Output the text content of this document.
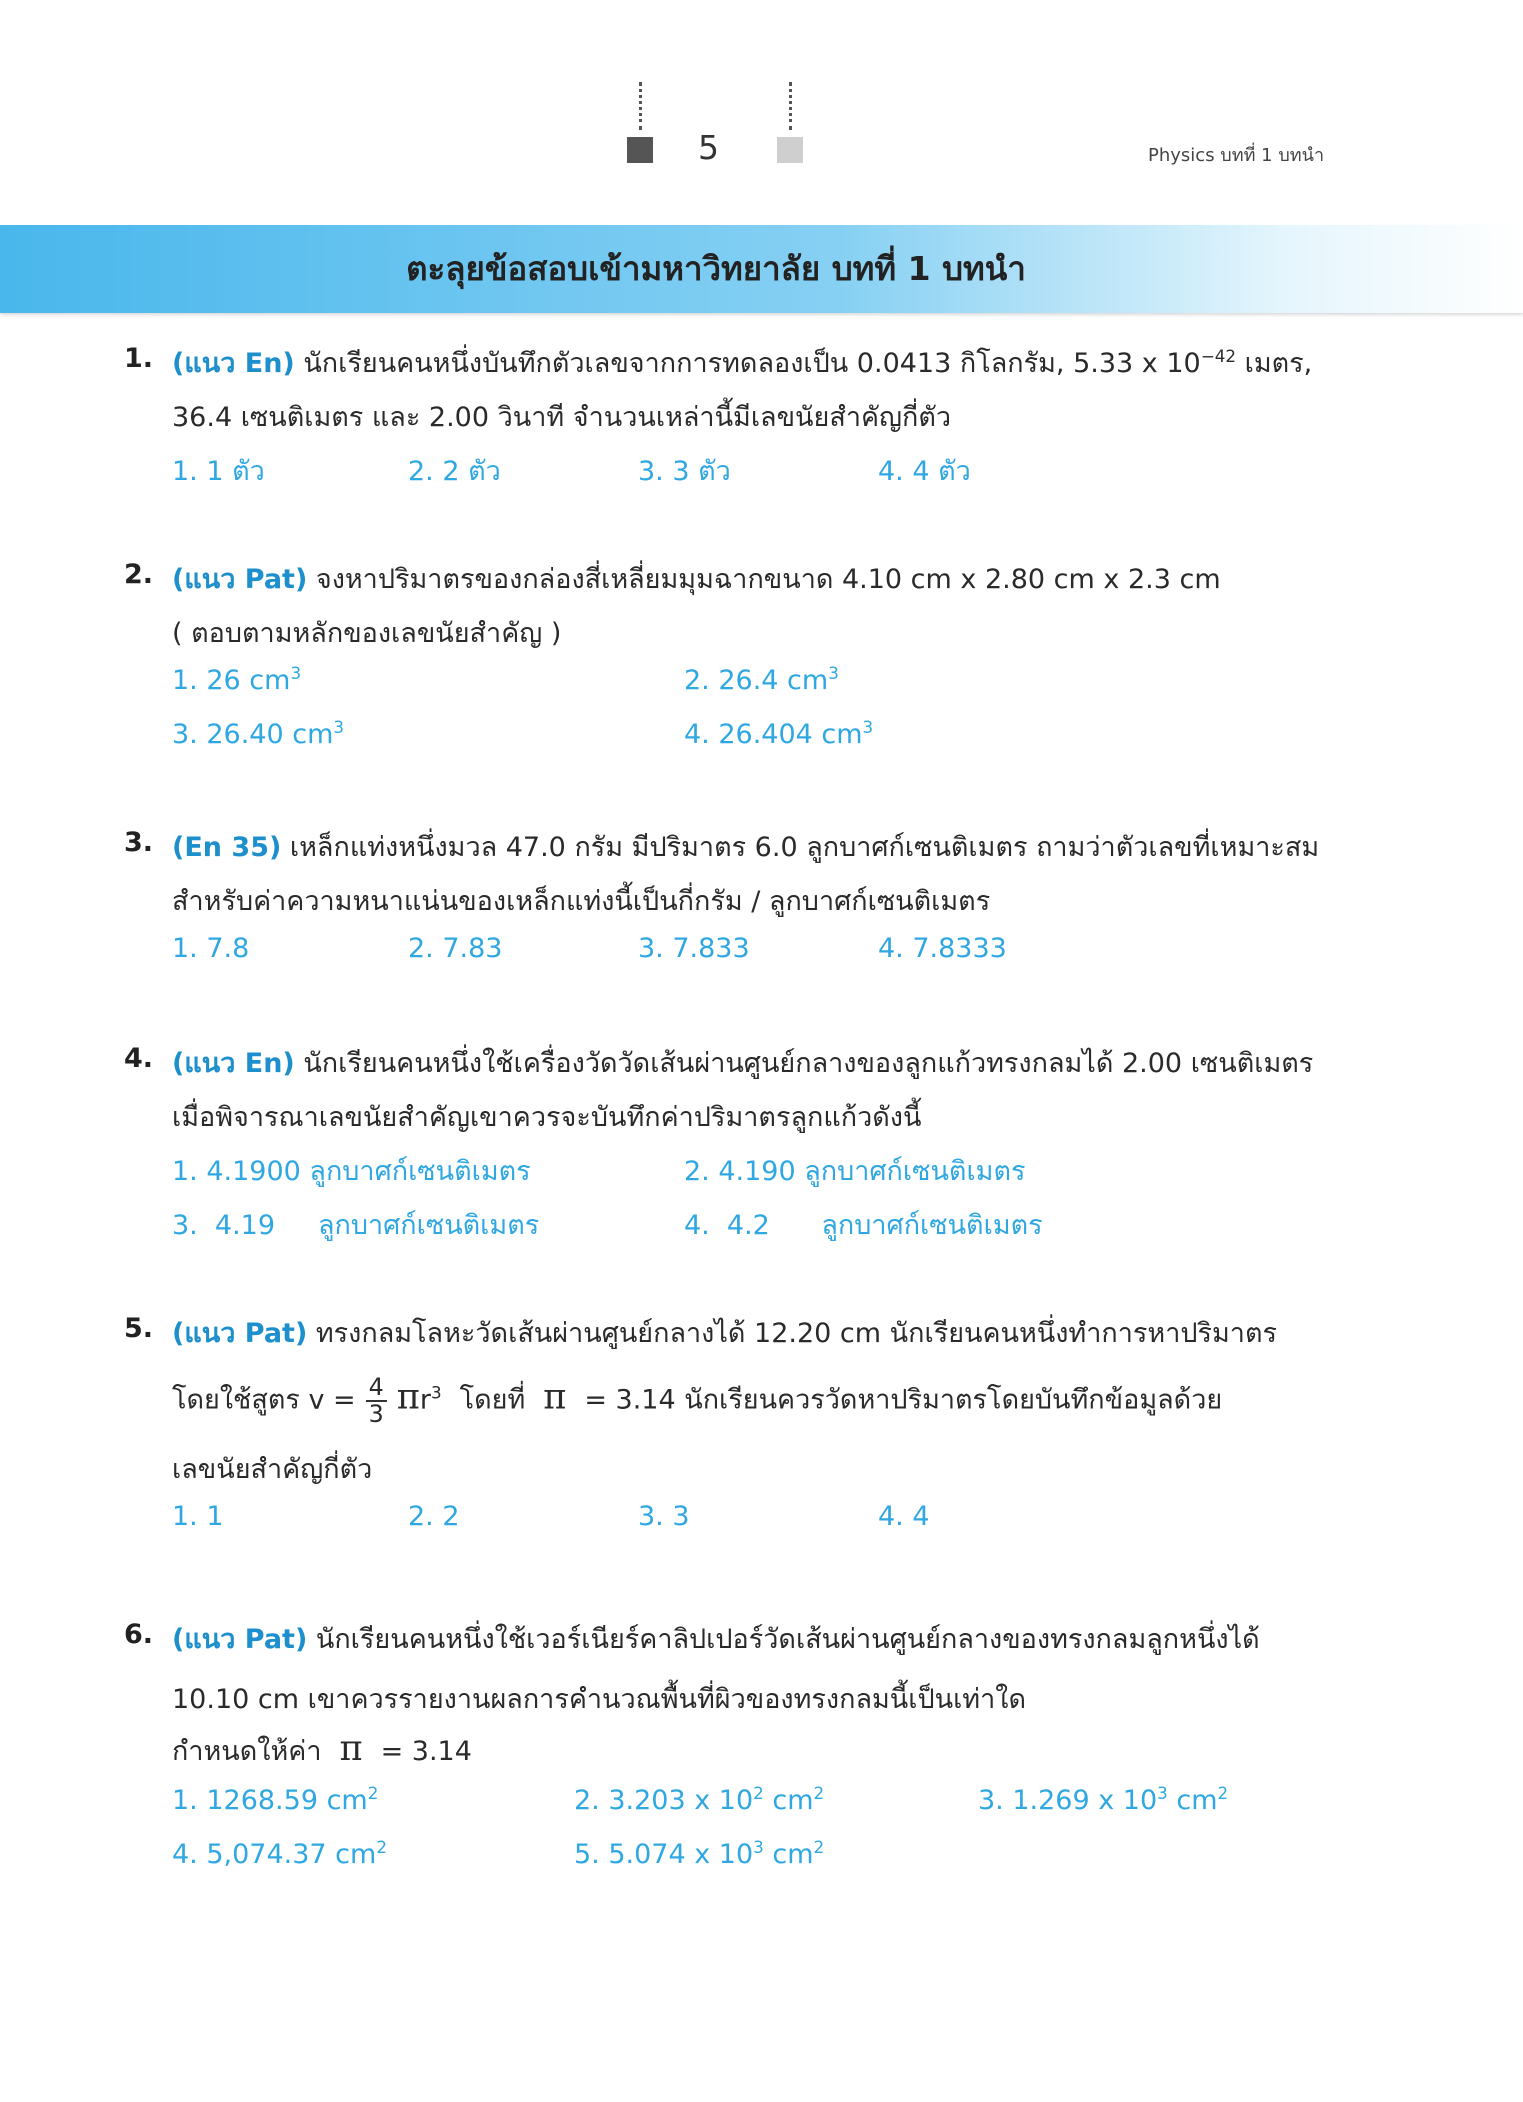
5	Physics บทที่ 1 บทนำ
ตะลุยข้อสอบเข้ามหาวิทยาลัย บทที่ 1 บทนำ
1. (แนว En) นักเรียนคนหนึ่งบันทึกตัวเลขจากการทดลองเป็น 0.0413 กิโลกรัม, 5.33 x $10^{-42}$ เมตร,
36.4 เซนติเมตร และ 2.00 วินาที จำนวนเหล่านี้มีเลขนัยสำคัญกี่ตัว
1. 1 ตัว	2. 2 ตัว	3. 3 ตัว	4. 4 ตัว
2. (แนว Pat) จงหาปริมาตรของกล่องสี่เหลี่ยมมุมฉากขนาด 4.10 cm x 2.80 cm x 2.3 cm
( ตอบตามหลักของเลขนัยสำคัญ )
1. 26 $cm^3$	2. 26.4 $cm^3$
3. 26.40 $cm^3$	4. 26.404 $cm^3$
3. (En 35) เหล็กแท่งหนึ่งมวล 47.0 กรัม มีปริมาตร 6.0 ลูกบาศก์เซนติเมตร ถามว่าตัวเลขที่เหมาะสม
สำหรับค่าความหนาแน่นของเหล็กแท่งนี้เป็นกี่กรัม / ลูกบาศก์เซนติเมตร
1. 7.8	2. 7.83	3. 7.833	4. 7.8333
4. (แนว En) นักเรียนคนหนึ่งใช้เครื่องวัดวัดเส้นผ่านศูนย์กลางของลูกแก้วทรงกลมได้ 2.00 เซนติเมตร
เมื่อพิจารณาเลขนัยสำคัญเขาควรจะบันทึกค่าปริมาตรลูกแก้วดังนี้
1. 4.1900 ลูกบาศก์เซนติเมตร	2. 4.190 ลูกบาศก์เซนติเมตร
3.  4.19     ลูกบาศก์เซนติเมตร	4.  4.2      ลูกบาศก์เซนติเมตร
5. (แนว Pat) ทรงกลมโลหะวัดเส้นผ่านศูนย์กลางได้ 12.20 cm นักเรียนคนหนึ่งทำการหาปริมาตร
โดยใช้สูตร $v = \frac{4}{3} \pi r^3$ โดยที่ π = 3.14 นักเรียนควรวัดหาปริมาตรโดยบันทึกข้อมูลด้วย
เลขนัยสำคัญกี่ตัว
1. 1	2. 2	3. 3	4. 4
6. (แนว Pat) นักเรียนคนหนึ่งใช้เวอร์เนียร์คาลิปเปอร์วัดเส้นผ่านศูนย์กลางของทรงกลมลูกหนึ่งได้
10.10 cm เขาควรรายงานผลการคำนวณพื้นที่ผิวของทรงกลมนี้เป็นเท่าใด
กำหนดให้ค่า π = 3.14
1. 1268.59 $cm^2$	2. 3.203 x $10^2$ $cm^2$	3. 1.269 x $10^3$ $cm^2$
4. 5,074.37 $cm^2$	5. 5.074 x $10^3$ $cm^2$
